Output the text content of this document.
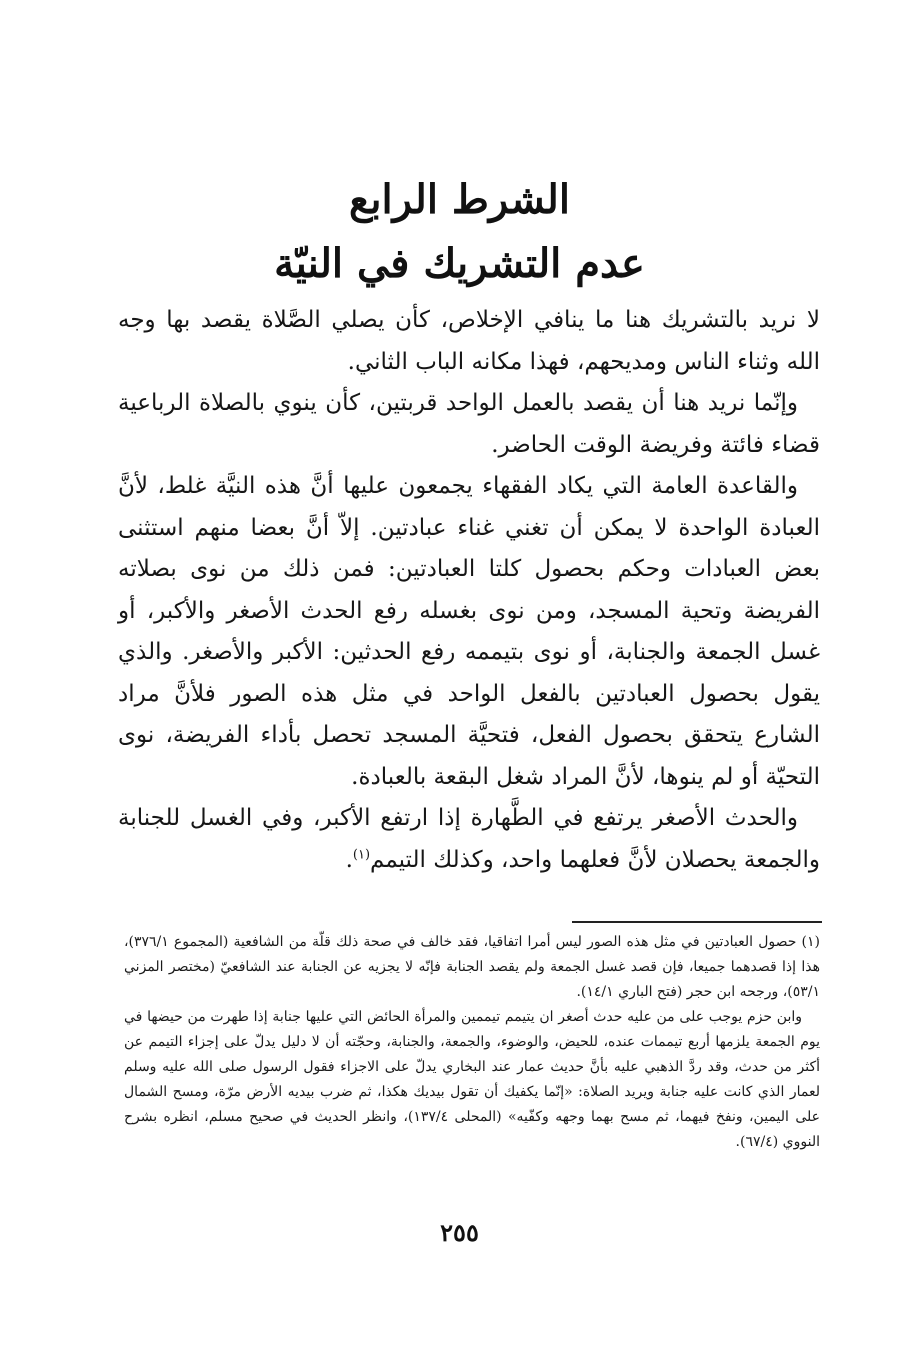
الشرط الرابع
عدم التشريك في النيّة

لا نريد بالتشريك هنا ما ينافي الإخلاص، كأن يصلي الصَّلاة يقصد بها وجه الله وثناء الناس ومديحهم، فهذا مكانه الباب الثاني.

وإنّما نريد هنا أن يقصد بالعمل الواحد قربتين، كأن ينوي بالصلاة الرباعية قضاء فائتة وفريضة الوقت الحاضر.

والقاعدة العامة التي يكاد الفقهاء يجمعون عليها أنَّ هذه النيَّة غلط، لأنَّ العبادة الواحدة لا يمكن أن تغني غناء عبادتين. إلاّ أنَّ بعضا منهم استثنى بعض العبادات وحكم بحصول كلتا العبادتين: فمن ذلك من نوى بصلاته الفريضة وتحية المسجد، ومن نوى بغسله رفع الحدث الأصغر والأكبر، أو غسل الجمعة والجنابة، أو نوى بتيممه رفع الحدثين: الأكبر والأصغر. والذي يقول بحصول العبادتين بالفعل الواحد في مثل هذه الصور فلأنَّ مراد الشارع يتحقق بحصول الفعل، فتحيَّة المسجد تحصل بأداء الفريضة، نوى التحيّة أو لم ينوها، لأنَّ المراد شغل البقعة بالعبادة.

والحدث الأصغر يرتفع في الطَّهارة إذا ارتفع الأكبر، وفي الغسل للجنابة والجمعة يحصلان لأنَّ فعلهما واحد، وكذلك التيمم$^{(١)}$.

(١) حصول العبادتين في مثل هذه الصور ليس أمرا اتفاقيا، فقد خالف في صحة ذلك قلّة من الشافعية (المجموع ٣٧٦/١)، هذا إذا قصدهما جميعا، فإن قصد غسل الجمعة ولم يقصد الجنابة فإنّه لا يجزيه عن الجنابة عند الشافعيّ (مختصر المزني ٥٣/١)، ورجحه ابن حجر (فتح الباري ١٤/١).

وابن حزم يوجب على من عليه حدث أصغر ان يتيمم تيممين والمرأة الحائض التي عليها جنابة إذا طهرت من حيضها في يوم الجمعة يلزمها أربع تيممات عنده، للحيض، والوضوء، والجمعة، والجنابة، وحجّته أن لا دليل يدلّ على إجزاء التيمم عن أكثر من حدث، وقد ردَّ الذهبي عليه بأنَّ حديث عمار عند البخاري يدلّ على الاجزاء فقول الرسول صلى الله عليه وسلم لعمار الذي كانت عليه جنابة ويريد الصلاة: «إنّما يكفيك أن تقول بيديك هكذا، ثم ضرب بيديه الأرض مرّة، ومسح الشمال على اليمين، ونفخ فيهما، ثم مسح بهما وجهه وكفّيه» (المحلى ١٣٧/٤)، وانظر الحديث في صحيح مسلم، انظره بشرح النووي (٦٧/٤).

٢٥٥
